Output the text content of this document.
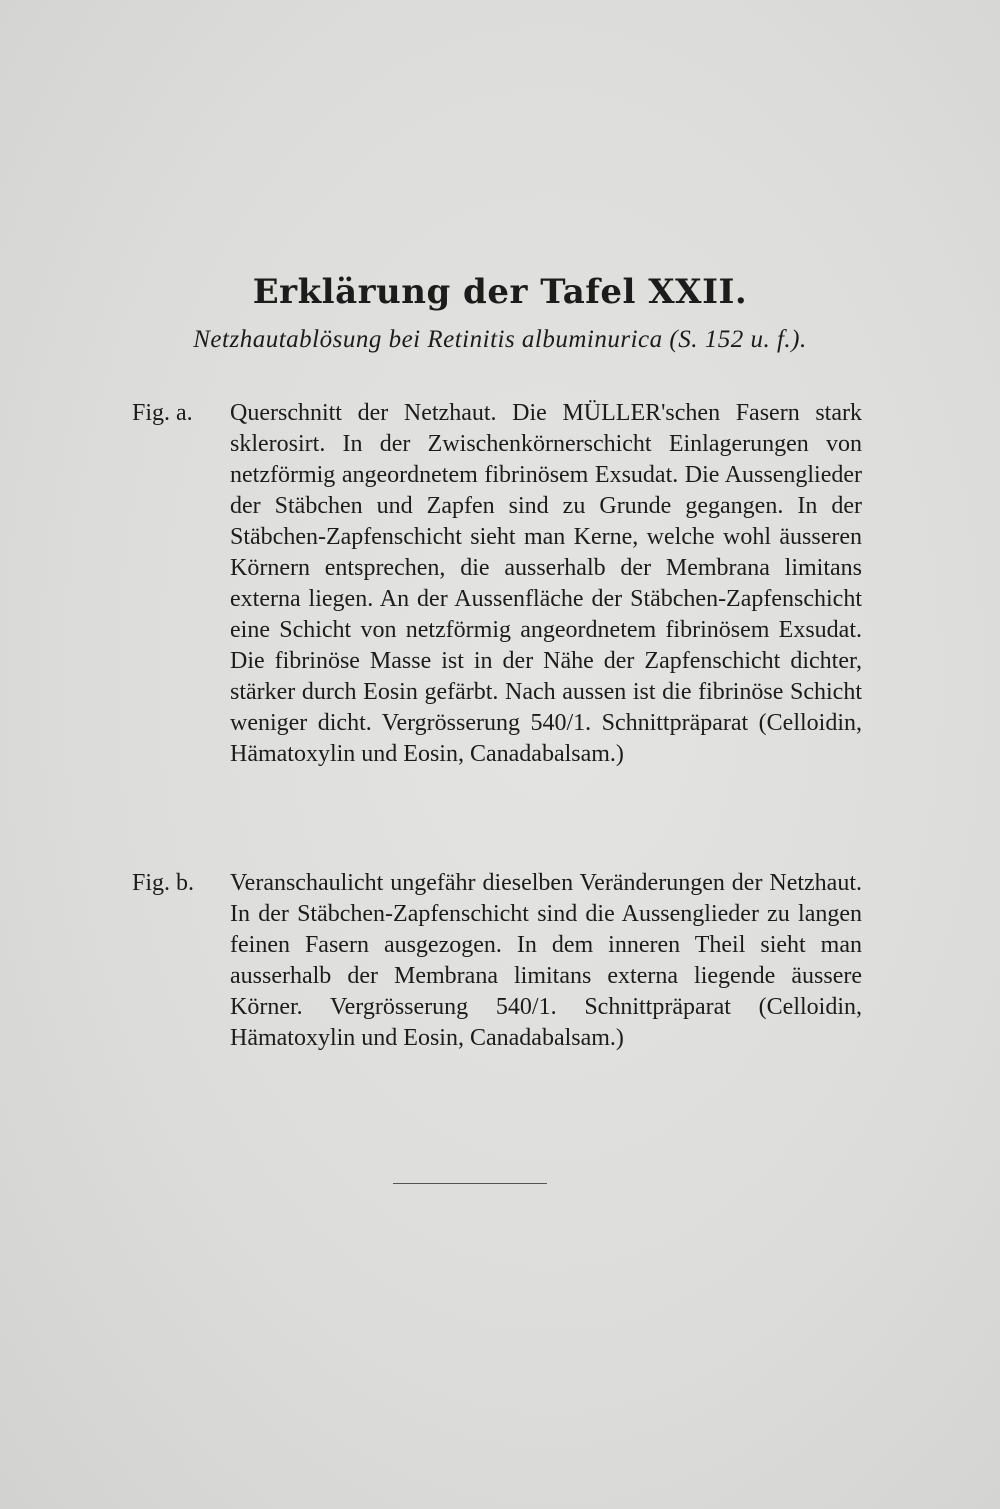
Erklärung der Tafel XXII.
Netzhautablösung bei Retinitis albuminurica (S. 152 u. f.).
Fig. a.	Querschnitt der Netzhaut. Die MÜLLER'schen Fasern stark sklerosirt. In der Zwischenkörnerschicht Einlagerungen von netzförmig angeordnetem fibrinösem Exsudat. Die Aussenglieder der Stäbchen und Zapfen sind zu Grunde gegangen. In der Stäbchen-Zapfenschicht sieht man Kerne, welche wohl äusseren Körnern entsprechen, die ausserhalb der Membrana limitans externa liegen. An der Aussenfläche der Stäbchen-Zapfenschicht eine Schicht von netzförmig angeordnetem fibrinösem Exsudat. Die fibrinöse Masse ist in der Nähe der Zapfenschicht dichter, stärker durch Eosin gefärbt. Nach aussen ist die fibrinöse Schicht weniger dicht. Vergrösserung 540/1. Schnittpräparat (Celloidin, Hämatoxylin und Eosin, Canadabalsam.)
Fig. b.	Veranschaulicht ungefähr dieselben Veränderungen der Netzhaut. In der Stäbchen-Zapfenschicht sind die Aussenglieder zu langen feinen Fasern ausgezogen. In dem inneren Theil sieht man ausserhalb der Membrana limitans externa liegende äussere Körner. Vergrösserung 540/1. Schnittpräparat (Celloidin, Hämatoxylin und Eosin, Canadabalsam.)
